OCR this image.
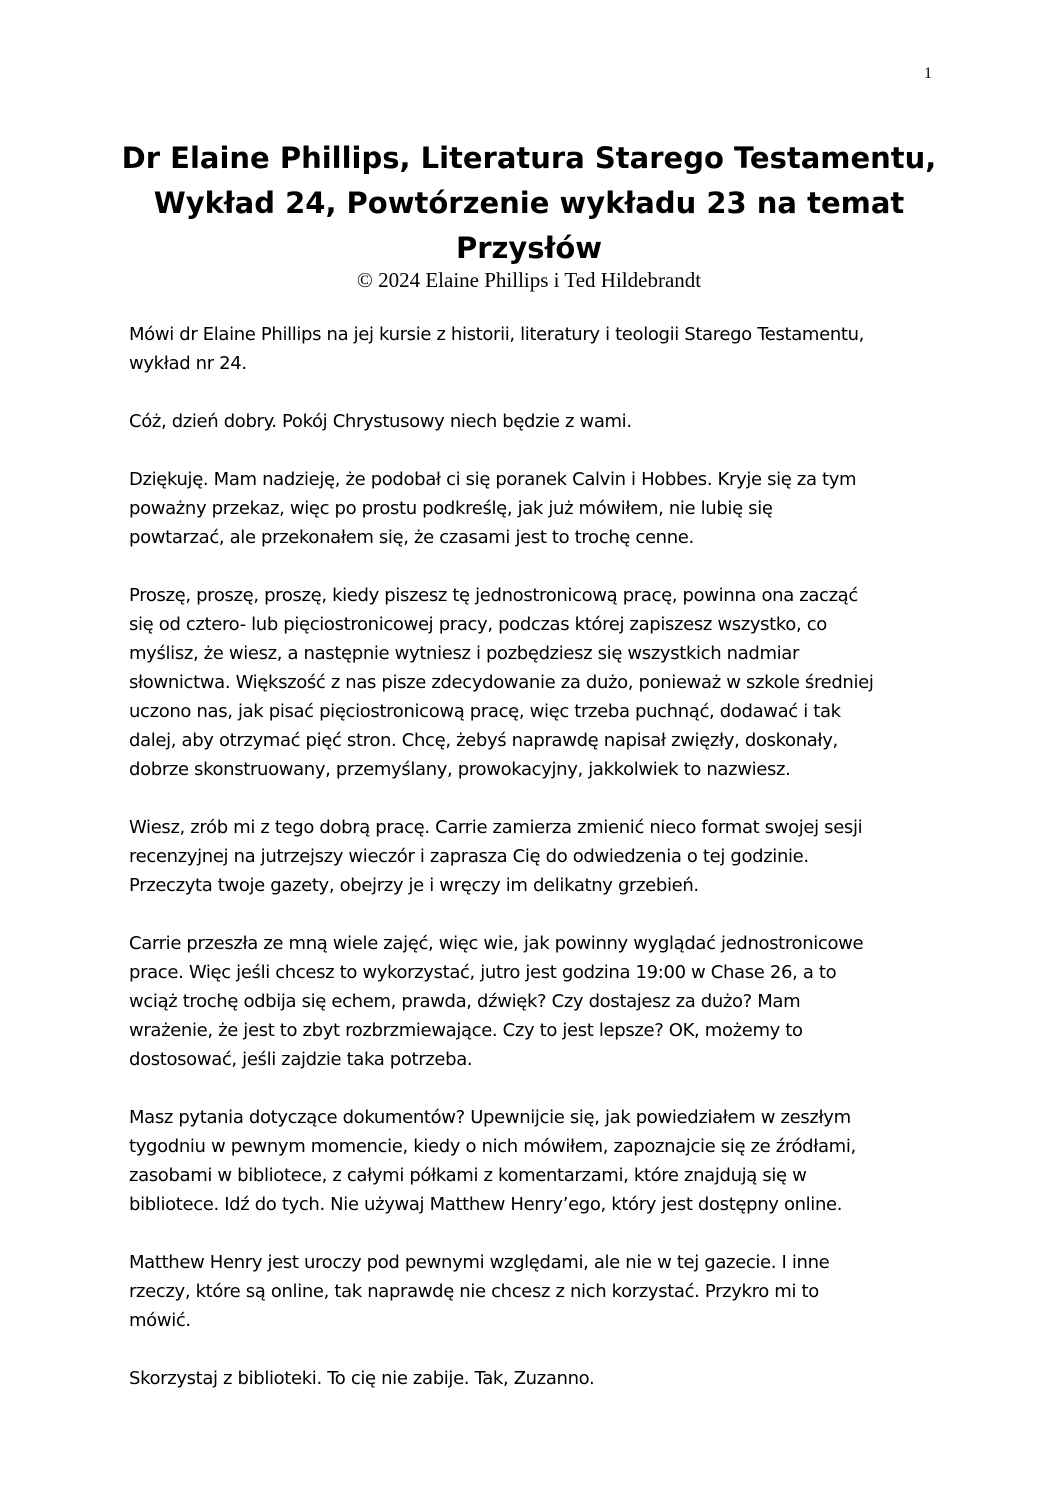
1
Dr Elaine Phillips, Literatura Starego Testamentu,
Wykład 24, Powtórzenie wykładu 23 na temat
Przysłów
© 2024 Elaine Phillips i Ted Hildebrandt

Mówi dr Elaine Phillips na jej kursie z historii, literatury i teologii Starego Testamentu,
wykład nr 24.

Cóż, dzień dobry. Pokój Chrystusowy niech będzie z wami.

Dziękuję. Mam nadzieję, że podobał ci się poranek Calvin i Hobbes. Kryje się za tym
poważny przekaz, więc po prostu podkreślę, jak już mówiłem, nie lubię się
powtarzać, ale przekonałem się, że czasami jest to trochę cenne.

Proszę, proszę, proszę, kiedy piszesz tę jednostronicową pracę, powinna ona zacząć
się od cztero- lub pięciostronicowej pracy, podczas której zapiszesz wszystko, co
myślisz, że wiesz, a następnie wytniesz i pozbędziesz się wszystkich nadmiar
słownictwa. Większość z nas pisze zdecydowanie za dużo, ponieważ w szkole średniej
uczono nas, jak pisać pięciostronicową pracę, więc trzeba puchnąć, dodawać i tak
dalej, aby otrzymać pięć stron. Chcę, żebyś naprawdę napisał zwięzły, doskonały,
dobrze skonstruowany, przemyślany, prowokacyjny, jakkolwiek to nazwiesz.

Wiesz, zrób mi z tego dobrą pracę. Carrie zamierza zmienić nieco format swojej sesji
recenzyjnej na jutrzejszy wieczór i zaprasza Cię do odwiedzenia o tej godzinie.
Przeczyta twoje gazety, obejrzy je i wręczy im delikatny grzebień.

Carrie przeszła ze mną wiele zajęć, więc wie, jak powinny wyglądać jednostronicowe
prace. Więc jeśli chcesz to wykorzystać, jutro jest godzina 19:00 w Chase 26, a to
wciąż trochę odbija się echem, prawda, dźwięk? Czy dostajesz za dużo? Mam
wrażenie, że jest to zbyt rozbrzmiewające. Czy to jest lepsze? OK, możemy to
dostosować, jeśli zajdzie taka potrzeba.

Masz pytania dotyczące dokumentów? Upewnijcie się, jak powiedziałem w zeszłym
tygodniu w pewnym momencie, kiedy o nich mówiłem, zapoznajcie się ze źródłami,
zasobami w bibliotece, z całymi półkami z komentarzami, które znajdują się w
bibliotece. Idź do tych. Nie używaj Matthew Henry’ego, który jest dostępny online.

Matthew Henry jest uroczy pod pewnymi względami, ale nie w tej gazecie. I inne
rzeczy, które są online, tak naprawdę nie chcesz z nich korzystać. Przykro mi to
mówić.

Skorzystaj z biblioteki. To cię nie zabije. Tak, Zuzanno.
